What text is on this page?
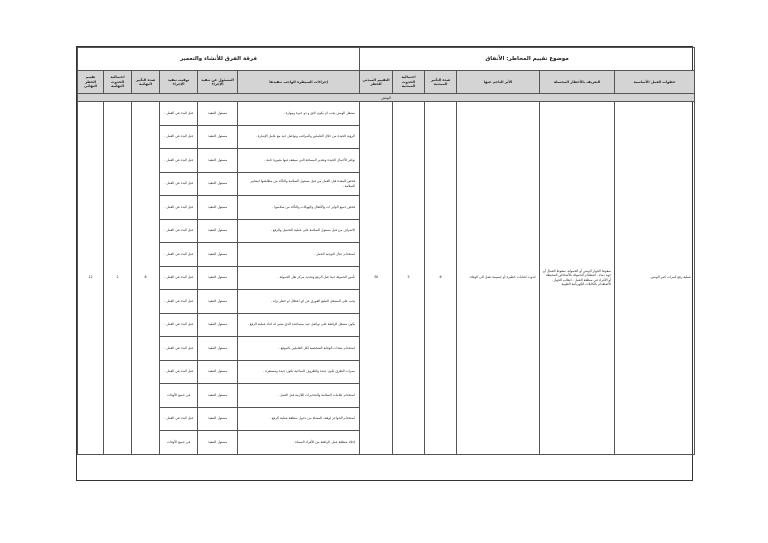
موضوع تقييم المخاطر: الأنفاق						فرقة الفرق للأنشاء والتعمير					
خطوات العمل الأساسية	التعريف بالأخطار المحتملة	الأثر الناجم عنها	شدة التأثير المبدئية	احتمالية الحدوث المبدئية	التقييم المبدئي للخطر	إجراءات السيطرة الواجب تنفيذها	المسئول عن تنفيذ الإجراء	توقيت تنفيذ الإجراء	شدة التأثير النهائية	احتمالية الحدوث النهائية	تقييم الخطر النهائي
الونش											
عملية رفع كمرات كمر الونش.	سقوط الجهاز الونش أو الحمولة. سقوط العمال أو جهد دماء . اصطدام الحمولة بالأشخاص المحيطة أو الأفراد في منطقة العمل . انقلاب الجهاز . الأصطدام بالكابلات الكهربائية العلوية	حدوث اصابات خطيرة أو جسيمة تصل الى الوفاة.	6	5	30	مشغل الونش يجب ان يكون لائق و ذو خبرة ومهارة .	مسئول التنفيذ	قبل البدء في العمل .	6	2	12
						الرؤية الجيدة من خلال العاملين والمراقب وتواصل جيد مع عامل الإشارة .	مسئول التنفيذ	قبل البدء في العمل .			
						توافر الأحمال الجيدة وتقدير المسافة التي سيقف فيها بصورة ثابتة .	مسئول التنفيذ	قبل البدء في العمل .			
						فحص المعدة قبل العمل من قبل مسئول السلامة والتأكد من مطابقتها لمعايير السلامة .	مسئول التنفيذ	قبل البدء في العمل .			
						فحص جميع الواير ات والأقفال والهوكات والتأكد من سلامتها .	مسئول التنفيذ	قبل البدء في العمل .			
						الاشراف من قبل مسئول السلامة على عملية التحميل والرفع .	مسئول التنفيذ	قبل البدء في العمل .			
						استخدام حبال التوجيه الحمل .	مسئول التنفيذ	قبل البدء في العمل .			
						تأمين الحمولة جيدا قبل الرفع وتحديد مركز ثقل الحمولة .	مسئول التنفيذ	قبل البدء في العمل .			
						يجب على المشغل التبليغ الفوري عن اي اعطال او خطر يراه .	مسئول التنفيذ	قبل البدء في العمل .			
						يكون مشغل الرافعة على تواصل جيد بمساعده الذي يشير له اثناء عملية الرفع .	مسئول التنفيذ	قبل البدء في العمل .			
						استخدام معدات الوقاية الشخصية لكل العاملين بالموقع .	مسئول التنفيذ	قبل البدء في العمل .			
						ممرات الطرق تكون جيدة والظروف المناخية تكون جيدة ومستقرة .	مسئول التنفيذ	قبل البدء في العمل .			
						استخدام علامات السلامة والتحذيرات اللازمة قبل العمل .	مسئول التنفيذ	في جميع الأوقات			
						استخدام الحواجز لوقف المشاة من دخول منطقة عملية الرفع .	مسئول التنفيذ	قبل البدء في العمل .			
						إخلاء منطقة عمل الرافعة من الأفراد المشاة .	مسئول التنفيذ	في جميع الأوقات			
